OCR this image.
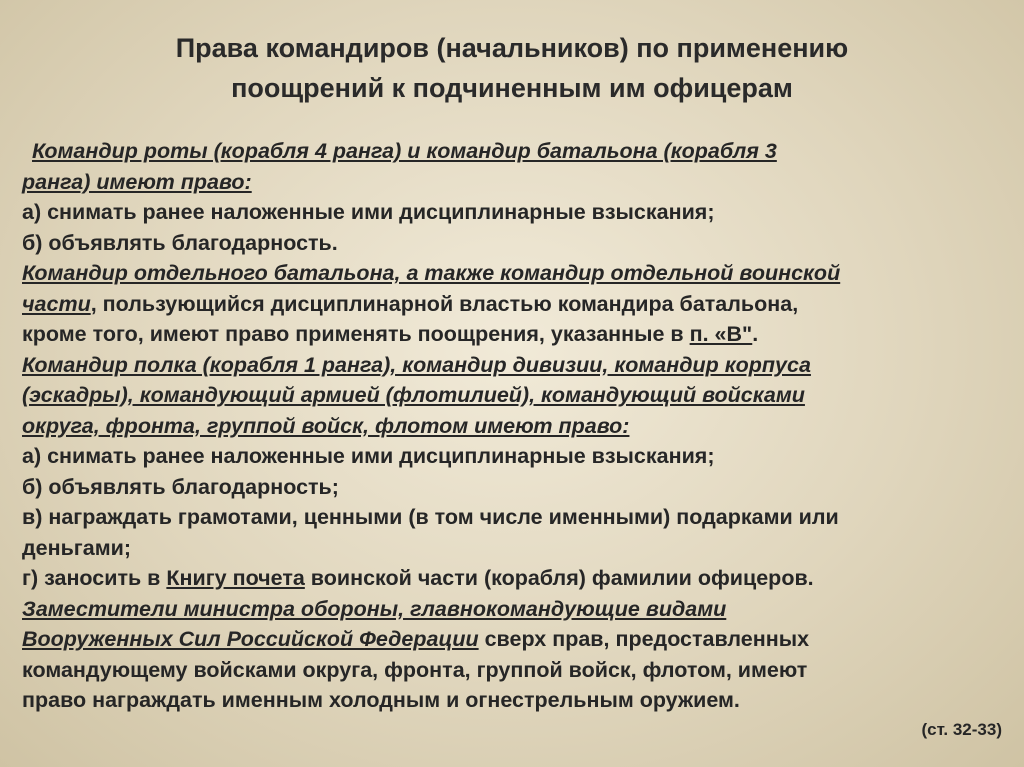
Права командиров (начальников) по применению
поощрений к подчиненным им офицерам
Командир роты (корабля 4 ранга) и командир батальона (корабля 3
ранга) имеют право:
а) снимать ранее наложенные ими дисциплинарные взыскания;
б) объявлять благодарность.
Командир отдельного батальона, а также командир отдельной воинской
части, пользующийся дисциплинарной властью командира батальона,
кроме того, имеют право применять поощрения, указанные в п. «В".
Командир полка (корабля 1 ранга), командир дивизии, командир корпуса
(эскадры), командующий армией (флотилией), командующий войсками
округа, фронта, группой войск, флотом имеют право:
а) снимать ранее наложенные ими дисциплинарные взыскания;
б) объявлять благодарность;
в) награждать грамотами, ценными (в том числе именными) подарками или
деньгами;
г) заносить в Книгу почета воинской части (корабля) фамилии офицеров.
Заместители министра обороны, главнокомандующие видами
Вооруженных Сил Российской Федерации сверх прав, предоставленных
командующему войсками округа, фронта, группой войск, флотом, имеют
право награждать именным холодным и огнестрельным оружием.
(ст. 32-33)
